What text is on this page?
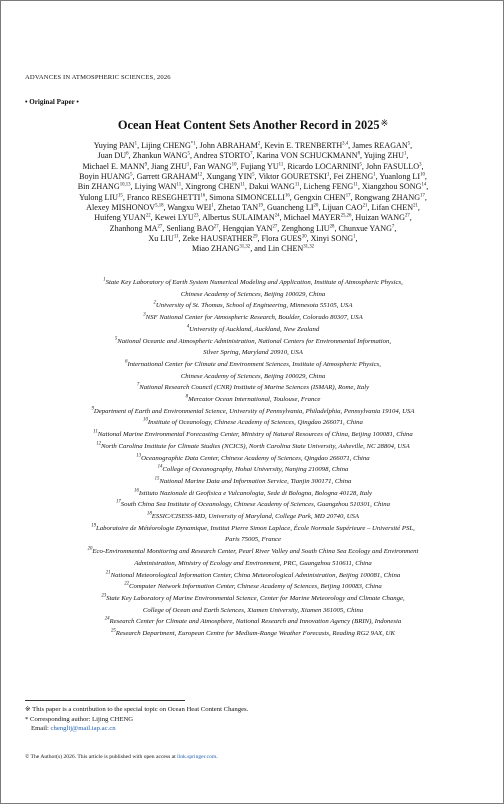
ADVANCES IN ATMOSPHERIC SCIENCES, 2026
• Original Paper •
Ocean Heat Content Sets Another Record in 2025※
Yuying PAN$^1$, Lijing CHENG$^{*1}$, John ABRAHAM$^2$, Kevin E. TRENBERTH$^{3,4}$, James REAGAN$^5$,
Juan $DU^6$, Zhankun WANG$^5$, Andrea STORTO$^7$, Karina VON SCHUCKMANN$^8$, Yujing ZHU$^1$,
Michael E. MANN$^9$, Jiang ZHU$^1$, Fan WANG$^{10}$, Fujiang YU$^{11}$, Ricardo LOCARNINI$^5$, John FASULLO$^3$,
Boyin HUANG$^5$, Garrett GRAHAM$^{12}$, Xungang YIN$^5$, Viktor GOURETSKI$^1$, Fei ZHENG$^1$, Yuanlong LI$^{10}$,
Bin ZHANG$^{10,13}$, Liying WAN$^{11}$, Xingrong CHEN$^{11}$, Dakui WANG$^{11}$, Licheng FENG$^{11}$, Xiangzhou SONG$^{14}$,
Yulong LIU$^{15}$, Franco RESEGHETTI$^{16}$, Simona SIMONCELLI$^{16}$, Gengxin CHEN$^{17}$, Rongwang ZHANG$^{17}$,
Alexey MISHONOV$^{5,18}$, Wangxu WEI$^1$, Zhetao TAN$^{19}$, Guancheng LI$^{20}$, Lijuan CAO$^{21}$, Lifan CHEN$^{21}$,
Huifeng YUAN$^{22}$, Kewei LYU$^{23}$, Albertus SULAIMAN$^{24}$, Michael MAYER$^{25,26}$, Huizan WANG$^{27}$,
Zhanhong MA$^{27}$, Senliang BAO$^{27}$, Hengqian YAN$^{27}$, Zenghong LIU$^{28}$, Chunxue YANG$^7$,
Xu LIU$^{11}$, Zeke HAUSFATHER$^{29}$, Flora GUES$^{30}$, Xinyi SONG$^1$,
Miao ZHANG$^{31,32}$, and Lin CHEN$^{31,32}$
$^1$State Key Laboratory of Earth System Numerical Modeling and Application, Institute of Atmospheric Physics,
Chinese Academy of Sciences, Beijing 100029, China
$^2$University of St. Thomas, School of Engineering, Minnesota 55105, USA
$^3$NSF National Center for Atmospheric Research, Boulder, Colorado 80307, USA
$^4$University of Auckland, Auckland, New Zealand
$^5$National Oceanic and Atmospheric Administration, National Centers for Environmental Information,
Silver Spring, Maryland 20910, USA
$^6$International Center for Climate and Environment Sciences, Institute of Atmospheric Physics,
Chinese Academy of Sciences, Beijing 100029, China
$^7$National Research Council (CNR) Institute of Marine Sciences (ISMAR), Rome, Italy
$^8$Mercator Ocean International, Toulouse, France
$^9$Department of Earth and Environmental Science, University of Pennsylvania, Philadelphia, Pennsylvania 19104, USA
$^{10}$Institute of Oceanology, Chinese Academy of Sciences, Qingdao 266071, China
$^{11}$National Marine Environmental Forecasting Center, Ministry of Natural Resources of China, Beijing 100081, China
$^{12}$North Carolina Institute for Climate Studies (NCICS), North Carolina State University, Asheville, NC 28804, USA
$^{13}$Oceanographic Data Center, Chinese Academy of Sciences, Qingdao 266071, China
$^{14}$College of Oceanography, Hohai University, Nanjing 210098, China
$^{15}$National Marine Data and Information Service, Tianjin 300171, China
$^{16}$Istituto Nazionale di Geofisica e Vulcanologia, Sede di Bologna, Bologna 40128, Italy
$^{17}$South China Sea Institute of Oceanology, Chinese Academy of Sciences, Guangzhou 510301, China
$^{18}$ESSIC/CISESS-MD, University of Maryland, College Park, MD 20740, USA
$^{19}$Laboratoire de Météorologie Dynamique, Institut Pierre Simon Laplace, École Normale Supérieure – Université PSL,
Paris 75005, France
$^{20}$Eco-Environmental Monitoring and Research Center, Pearl River Valley and South China Sea Ecology and Environment
Administration, Ministry of Ecology and Environment, PRC, Guangzhou 510611, China
$^{21}$National Meteorological Information Center, China Meteorological Administration, Beijing 100081, China
$^{22}$Computer Network Information Center, Chinese Academy of Sciences, Beijing 100083, China
$^{23}$State Key Laboratory of Marine Environmental Science, Center for Marine Meteorology and Climate Change,
College of Ocean and Earth Sciences, Xiamen University, Xiamen 361005, China
$^{24}$Research Center for Climate and Atmosphere, National Research and Innovation Agency (BRIN), Indonesia
$^{25}$Research Department, European Centre for Medium-Range Weather Forecasts, Reading RG2 9AX, UK
※ This paper is a contribution to the special topic on Ocean Heat Content Changes.
* Corresponding author: Lijing CHENG
Email: chenglij@mail.iap.ac.cn
© The Author(s) 2026. This article is published with open access at link.springer.com.
